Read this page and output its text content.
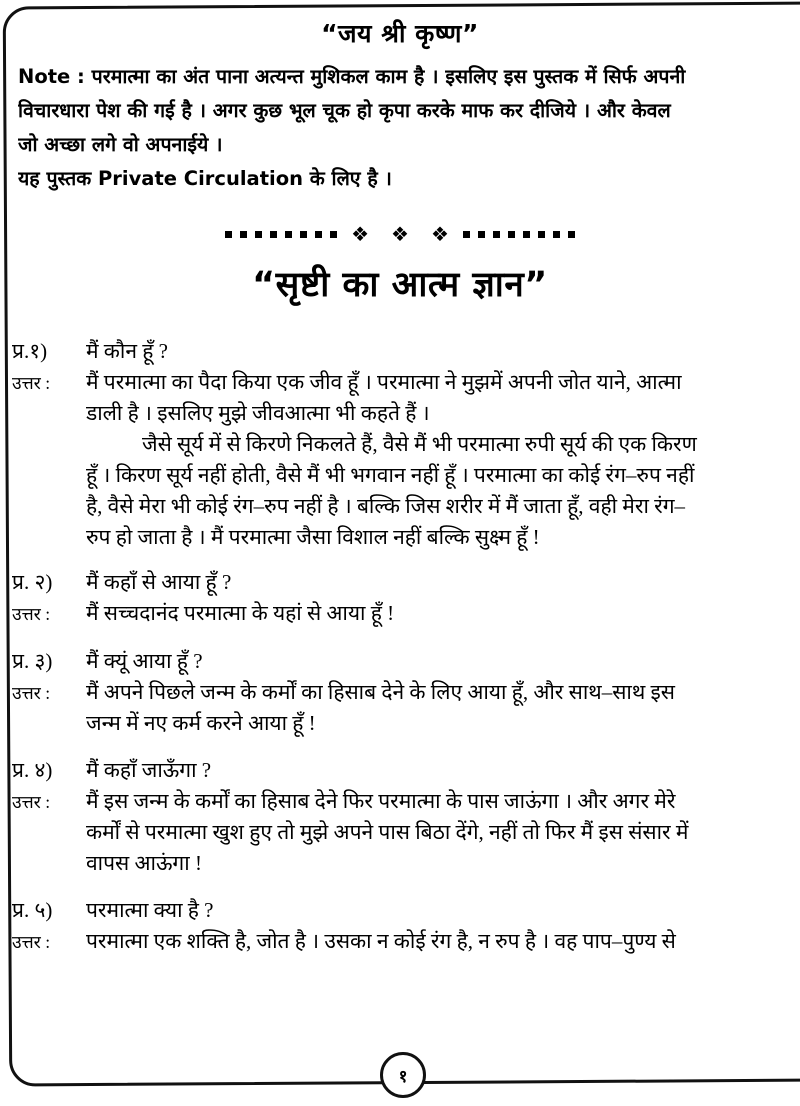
“जय श्री कृष्ण”
Note : परमात्मा का अंत पाना अत्यन्त मुशिकल काम है । इसलिए इस पुस्तक में सिर्फ अपनी
विचारधारा पेश की गई है । अगर कुछ भूल चूक हो कृपा करके माफ कर दीजिये । और केवल
जो अच्छा लगे वो अपनाईये ।
यह पुस्तक Private Circulation के लिए है ।
❖ ❖ ❖
“सृष्टी का आत्म ज्ञान”
प्र.१)	मैं कौन हूँ ?
उत्तर :	मैं परमात्मा का पैदा किया एक जीव हूँ । परमात्मा ने मुझमें अपनी जोत याने, आत्मा
डाली है । इसलिए मुझे जीवआत्मा भी कहते हैं ।
जैसे सूर्य में से किरणे निकलते हैं, वैसे मैं भी परमात्मा रुपी सूर्य की एक किरण
हूँ । किरण सूर्य नहीं होती, वैसे मैं भी भगवान नहीं हूँ । परमात्मा का कोई रंग–रुप नहीं
है, वैसे मेरा भी कोई रंग–रुप नहीं है । बल्कि जिस शरीर में मैं जाता हूँ, वही मेरा रंग–
रुप हो जाता है । मैं परमात्मा जैसा विशाल नहीं बल्कि सुक्ष्म हूँ !
प्र. २)	मैं कहाँ से आया हूँ ?
उत्तर :	मैं सच्चदानंद परमात्मा के यहां से आया हूँ !
प्र. ३)	मैं क्यूं आया हूँ ?
उत्तर :	मैं अपने पिछले जन्म के कर्मों का हिसाब देने के लिए आया हूँ, और साथ–साथ इस
जन्म में नए कर्म करने आया हूँ !
प्र. ४)	मैं कहाँ जाऊँगा ?
उत्तर :	मैं इस जन्म के कर्मों का हिसाब देने फिर परमात्मा के पास जाऊंगा । और अगर मेरे
कर्मों से परमात्मा खुश हुए तो मुझे अपने पास बिठा देंगे, नहीं तो फिर मैं इस संसार में
वापस आऊंगा !
प्र. ५)	परमात्मा क्या है ?
उत्तर :	परमात्मा एक शक्ति है, जोत है । उसका न कोई रंग है, न रुप है । वह पाप–पुण्य से
१
